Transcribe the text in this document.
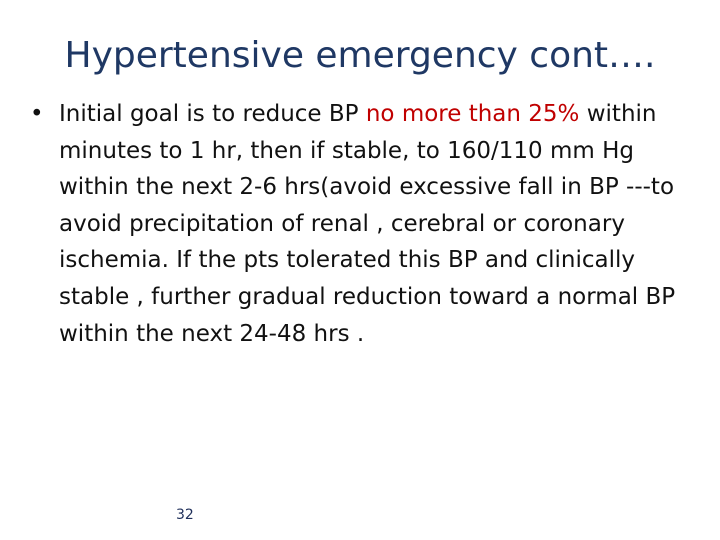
Hypertensive emergency cont….
• Initial goal is to reduce BP no more than 25% within minutes to 1 hr, then if stable, to 160/110 mm Hg within the next 2-6 hrs(avoid excessive fall in BP ---to avoid precipitation of renal , cerebral or coronary ischemia. If the pts tolerated this BP and clinically stable , further gradual reduction toward a normal BP within the next 24-48 hrs .
32
